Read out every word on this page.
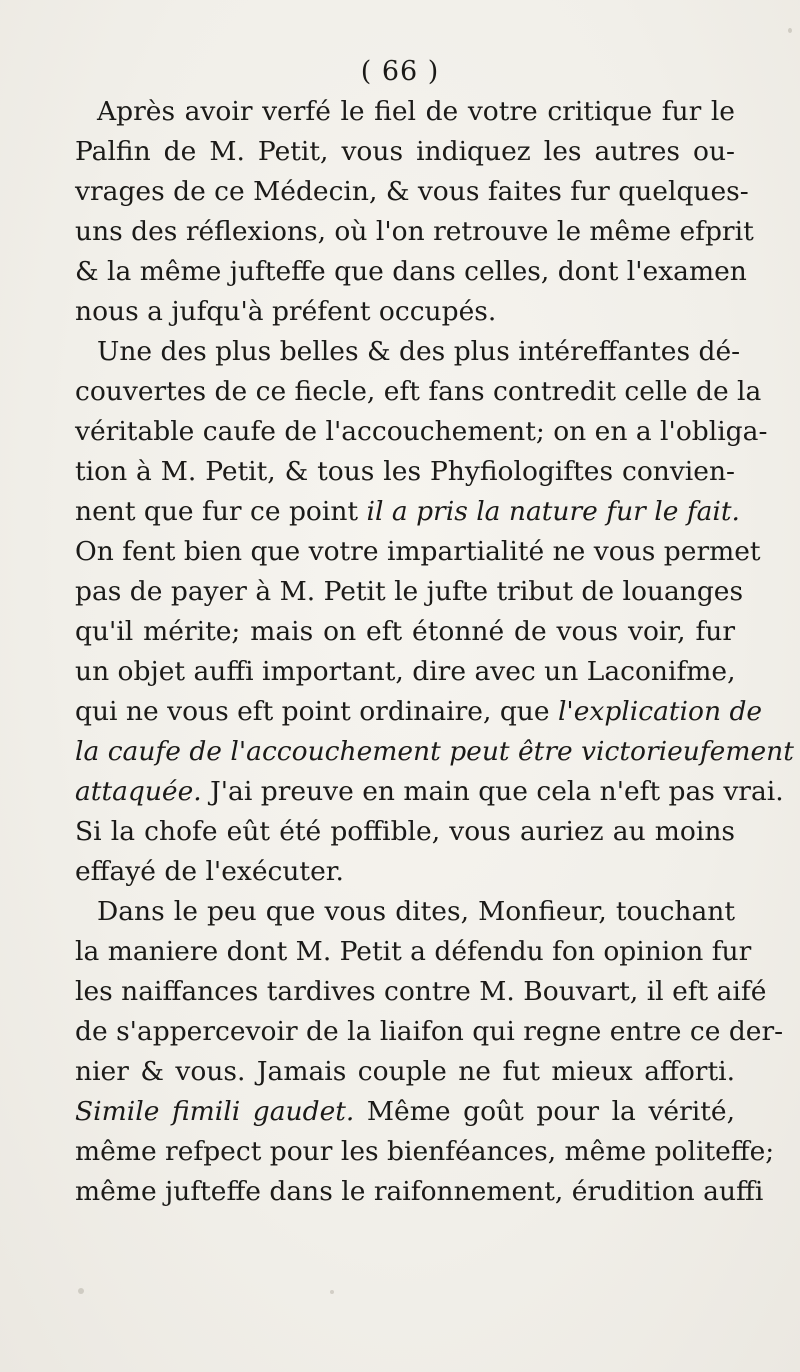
( 66 )
Après avoir verfé le fiel de votre critique fur le
Palfin de M. Petit, vous indiquez les autres ou-
vrages de ce Médecin, & vous faites fur quelques-
uns des réflexions, où l'on retrouve le même efprit
& la même jufteffe que dans celles, dont l'examen
nous a jufqu'à préfent occupés.
Une des plus belles & des plus intéreffantes dé-
couvertes de ce fiecle, eft fans contredit celle de la
véritable caufe de l'accouchement; on en a l'obliga-
tion à M. Petit, & tous les Phyfiologiftes convien-
nent que fur ce point il a pris la nature fur le fait.
On fent bien que votre impartialité ne vous permet
pas de payer à M. Petit le jufte tribut de louanges
qu'il mérite; mais on eft étonné de vous voir, fur
un objet auffi important, dire avec un Laconifme,
qui ne vous eft point ordinaire, que l'explication de
la caufe de l'accouchement peut être victorieufement
attaquée. J'ai preuve en main que cela n'eft pas vrai.
Si la chofe eût été poffible, vous auriez au moins
effayé de l'exécuter.
Dans le peu que vous dites, Monfieur, touchant
la maniere dont M. Petit a défendu fon opinion fur
les naiffances tardives contre M. Bouvart, il eft aifé
de s'appercevoir de la liaifon qui regne entre ce der-
nier & vous. Jamais couple ne fut mieux afforti.
Simile fimili gaudet. Même goût pour la vérité,
même refpect pour les bienféances, même politeffe;
même jufteffe dans le raifonnement, érudition auffi
